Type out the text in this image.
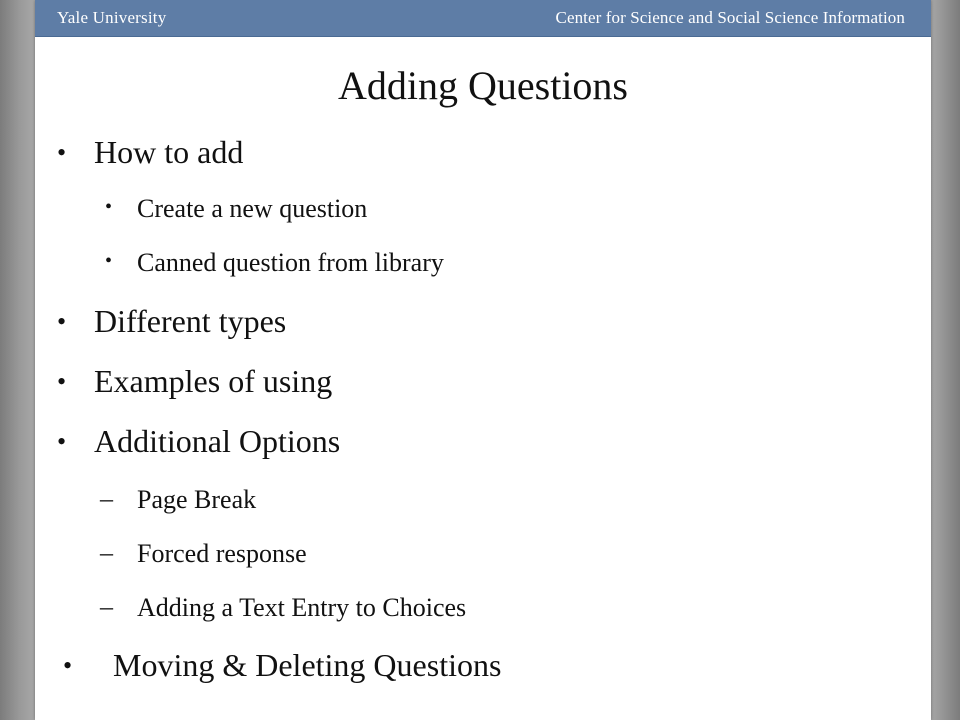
Yale University	Center for Science and Social Science Information
Adding Questions
• How to add
• Create a new question
• Canned question from library
• Different types
• Examples of using
• Additional Options
– Page Break
– Forced response
– Adding a Text Entry to Choices
• Moving & Deleting Questions
